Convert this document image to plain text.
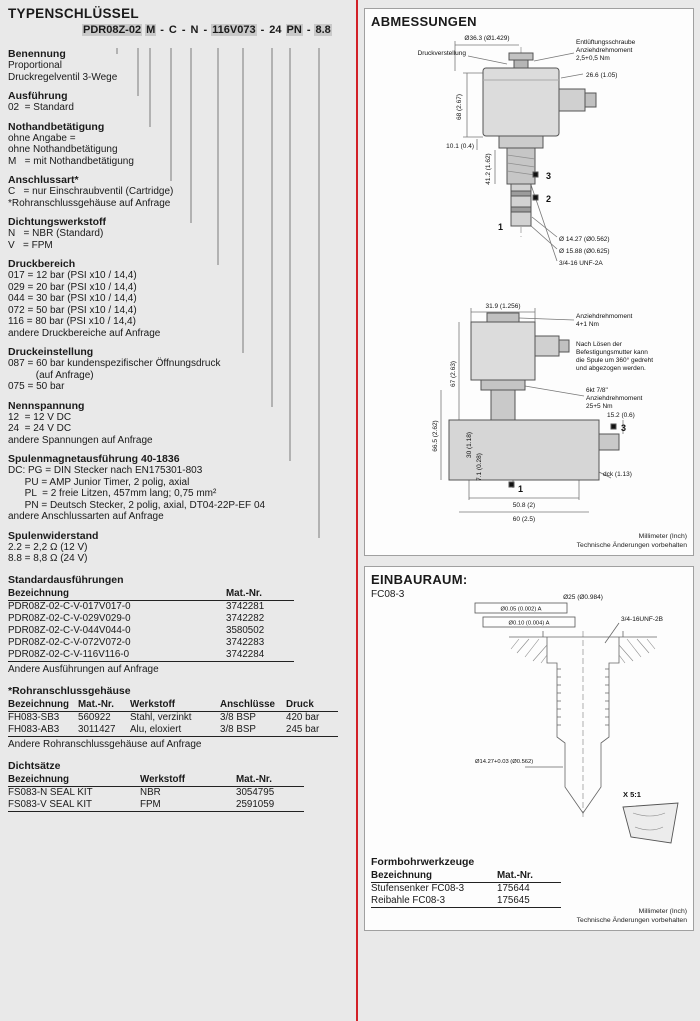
TYPENSCHLÜSSEL
PDR08Z-02 M - C - N - 116V073 - 24 PN - 8.8
Benennung
Proportional
Druckregelventil 3-Wege
Ausführung
02  = Standard
Nothandbetätigung
ohne Angabe =
ohne Nothandbetätigung
M   = mit Nothandbetätigung
Anschlussart*
C   = nur Einschraubventil (Cartridge)
*Rohranschlussgehäuse auf Anfrage
Dichtungswerkstoff
N   = NBR (Standard)
V   = FPM
Druckbereich
017 = 12 bar (PSI x10 / 14,4)
029 = 20 bar (PSI x10 / 14,4)
044 = 30 bar (PSI x10 / 14,4)
072 = 50 bar (PSI x10 / 14,4)
116 = 80 bar (PSI x10 / 14,4)
andere Druckbereiche auf Anfrage
Druckeinstellung
087 = 60 bar kundenspezifischer Öffnungsdruck
(auf Anfrage)
075 = 50 bar
Nennspannung
12  = 12 V DC
24  = 24 V DC
andere Spannungen auf Anfrage
Spulenmagnetausführung 40-1836
DC: PG = DIN Stecker nach EN175301-803
PU = AMP Junior Timer, 2 polig, axial
PL  = 2 freie Litzen, 457mm lang; 0,75 mm²
PN = Deutsch Stecker, 2 polig, axial, DT04-22P-EF 04
andere Anschlussarten auf Anfrage
Spulenwiderstand
2.2 = 2,2 Ω (12 V)
8.8 = 8,8 Ω (24 V)
Standardausführungen
Bezeichnung	Mat.-Nr.
PDR08Z-02-C-V-017V017-0	3742281
PDR08Z-02-C-V-029V029-0	3742282
PDR08Z-02-C-V-044V044-0	3580502
PDR08Z-02-C-V-072V072-0	3742283
PDR08Z-02-C-V-116V116-0	3742284
Andere Ausführungen auf Anfrage
*Rohranschlussgehäuse
Bezeichnung	Mat.-Nr.	Werkstoff	Anschlüsse	Druck
FH083-SB3	560922	Stahl, verzinkt	3/8 BSP	420 bar
FH083-AB3	3011427	Alu, eloxiert	3/8 BSP	245 bar
Andere Rohranschlussgehäuse auf Anfrage
Dichtsätze
Bezeichnung	Werkstoff	Mat.-Nr.
FS083-N SEAL KIT	NBR	3054795
FS083-V SEAL KIT	FPM	2591059
ABMESSUNGEN
Ø36.3 (Ø1.429)
Entlüftungsschraube
Anziehdrehmoment
2,5+0,5 Nm
Druckverstellung
26.6 (1.05)
68 (2.67)
10.1 (0.4)
41.2 (1.62)	3
2
1
Ø 14.27 (Ø0.562)
Ø 15.88 (Ø0.625)
3/4-16 UNF-2A

31.9 (1.256)
Anziehdrehmoment
4+1 Nm
Nach Lösen der
Befestigungsmutter kann
die Spule um 360° gedreht
und abgezogen werden.
67 (2.63)
6kt 7/8"
Anziehdrehmoment
25+5 Nm
30 (1.18)
7.1 (0.28)
66.5 (2.62)
15.2 (0.6)
3
1
50.8 (2)
60 (2.5)
dck (1.13)
Millimeter (Inch)
Technische Änderungen vorbehalten
EINBAURAUM:
FC08-3	Ø25 (Ø0.984)
Ø0.05 (0.002) A
Ø0.10 (0.004) A
3/4-16UNF-2B
Ø14.27+0.03 (Ø0.562)
X 5:1
Formbohrwerkzeuge
Bezeichnung	Mat.-Nr.
Stufensenker FC08-3	175644
Reibahle FC08-3	175645
Millimeter (Inch)
Technische Änderungen vorbehalten
